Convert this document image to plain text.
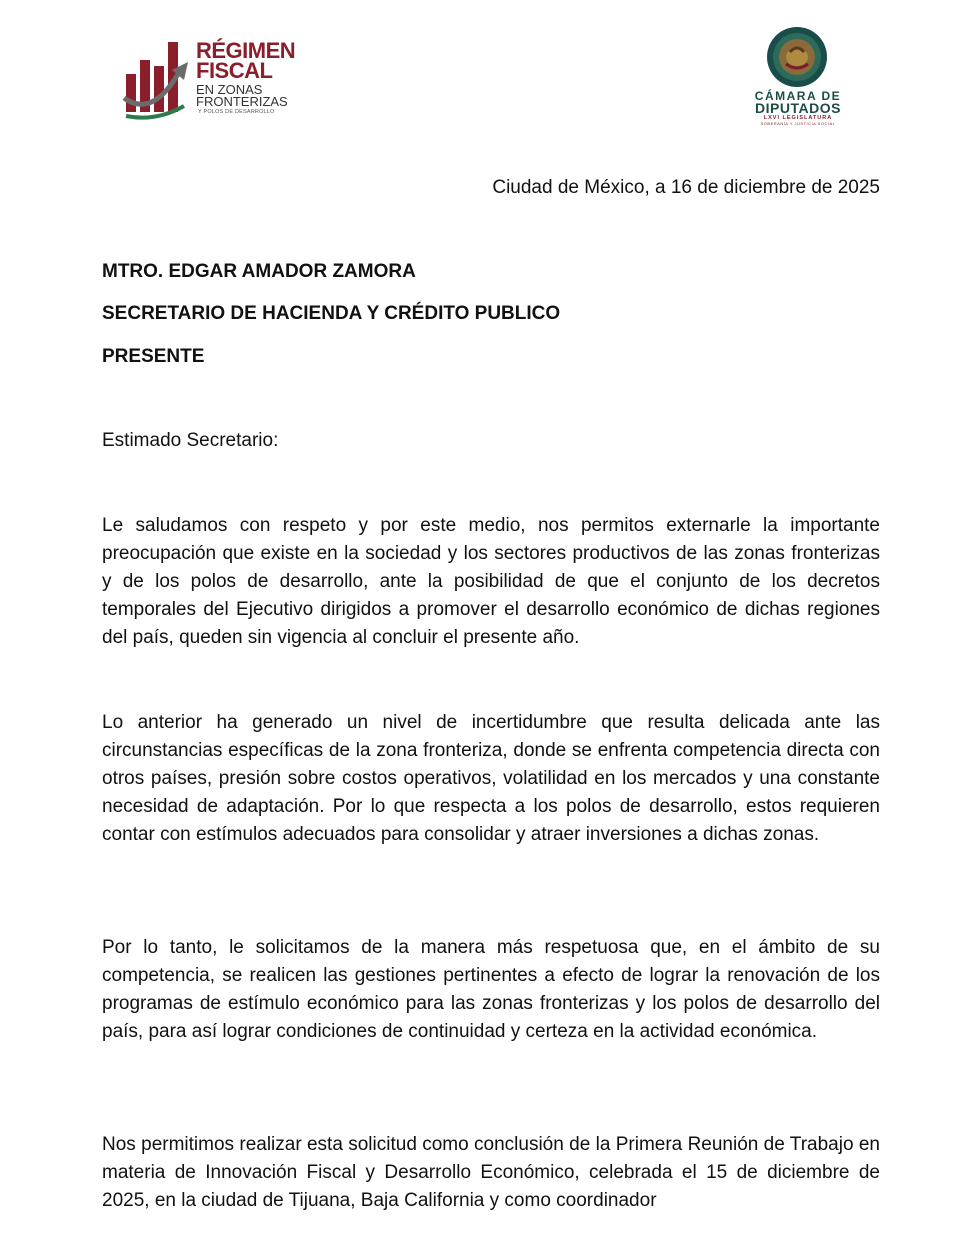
RÉGIMEN
FISCAL
EN ZONAS
FRONTERIZAS
Y POLOS DE DESARROLLO
CÁMARA DE
DIPUTADOS
LXVI LEGISLATURA
SOBERANÍA Y JUSTICIA SOCIAL

Ciudad de México, a 16 de diciembre de 2025

MTRO. EDGAR AMADOR ZAMORA

SECRETARIO DE HACIENDA Y CRÉDITO PUBLICO

PRESENTE

Estimado Secretario:

Le saludamos con respeto y por este medio, nos permitos externarle la importante preocupación que existe en la sociedad y los sectores productivos de las zonas fronterizas y de los polos de desarrollo, ante la posibilidad de que el conjunto de los decretos temporales del Ejecutivo dirigidos a promover el desarrollo económico de dichas regiones del país, queden sin vigencia al concluir el presente año.

Lo anterior ha generado un nivel de incertidumbre que resulta delicada ante las circunstancias específicas de la zona fronteriza, donde se enfrenta competencia directa con otros países, presión sobre costos operativos, volatilidad en los mercados y una constante necesidad de adaptación. Por lo que respecta a los polos de desarrollo, estos requieren contar con estímulos adecuados para consolidar y atraer inversiones a dichas zonas.

Por lo tanto, le solicitamos de la manera más respetuosa que, en el ámbito de su competencia, se realicen las gestiones pertinentes a efecto de lograr la renovación de los programas de estímulo económico para las zonas fronterizas y los polos de desarrollo del país, para así lograr condiciones de continuidad y certeza en la actividad económica.

Nos permitimos realizar esta solicitud como conclusión de la Primera Reunión de Trabajo en materia de Innovación Fiscal y Desarrollo Económico, celebrada el 15 de diciembre de 2025, en la ciudad de Tijuana, Baja California y como coordinador
